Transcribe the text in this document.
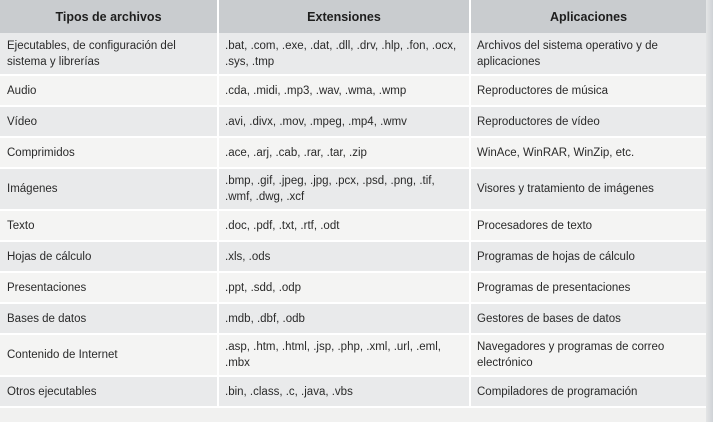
Tipos de archivos	Extensiones	Aplicaciones
Ejecutables, de configuración del sistema y librerías	.bat, .com, .exe, .dat, .dll, .drv, .hlp, .fon, .ocx, .sys, .tmp	Archivos del sistema operativo y de aplicaciones
Audio	.cda, .midi, .mp3, .wav, .wma, .wmp	Reproductores de música
Vídeo	.avi, .divx, .mov, .mpeg, .mp4, .wmv	Reproductores de vídeo
Comprimidos	.ace, .arj, .cab, .rar, .tar, .zip	WinAce, WinRAR, WinZip, etc.
Imágenes	.bmp, .gif, .jpeg, .jpg, .pcx, .psd, .png, .tif, .wmf, .dwg, .xcf	Visores y tratamiento de imágenes
Texto	.doc, .pdf, .txt, .rtf, .odt	Procesadores de texto
Hojas de cálculo	.xls, .ods	Programas de hojas de cálculo
Presentaciones	.ppt, .sdd, .odp	Programas de presentaciones
Bases de datos	.mdb, .dbf, .odb	Gestores de bases de datos
Contenido de Internet	.asp, .htm, .html, .jsp, .php, .xml, .url, .eml, .mbx	Navegadores y programas de correo electrónico
Otros ejecutables	.bin, .class, .c, .java, .vbs	Compiladores de programación
